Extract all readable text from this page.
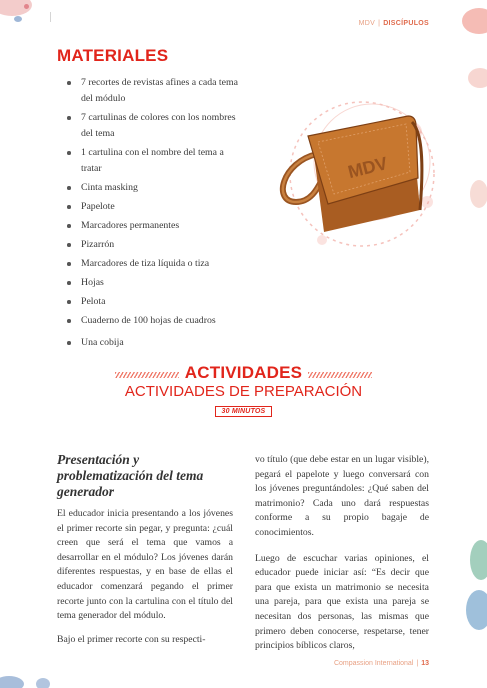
MDV | DISCÍPULOS
MATERIALES
7 recortes de revistas afines a cada tema del módulo
7 cartulinas de colores con los nombres del tema
1 cartulina con el nombre del tema a tratar
Cinta masking
Papelote
Marcadores permanentes
Pizarrón
Marcadores de tiza líquida o tiza
Hojas
Pelota
Cuaderno de 100 hojas de cuadros
Una cobija
MDV
ACTIVIDADES
ACTIVIDADES DE PREPARACIÓN
30 MINUTOS
Presentación y problematización del tema generador

El educador inicia presentando a los jóvenes el primer recorte sin pegar, y pregunta: ¿cuál creen que será el tema que vamos a desarrollar en el módulo? Los jóvenes darán diferentes respuestas, y en base de ellas el educador comenzará pegando el primer recorte junto con la cartulina con el título del tema generador del módulo.

Bajo el primer recorte con su respecti-

vo título (que debe estar en un lugar visible), pegará el papelote y luego conversará con los jóvenes preguntándoles: ¿Qué saben del matrimonio? Cada uno dará respuestas conforme a su propio bagaje de conocimientos.

Luego de escuchar varias opiniones, el educador puede iniciar así: “Es decir que para que exista un matrimonio se necesita una pareja, para que exista una pareja se necesitan dos personas, las mismas que primero deben conocerse, respetarse, tener principios bíblicos claros,

Compassion International | 13
